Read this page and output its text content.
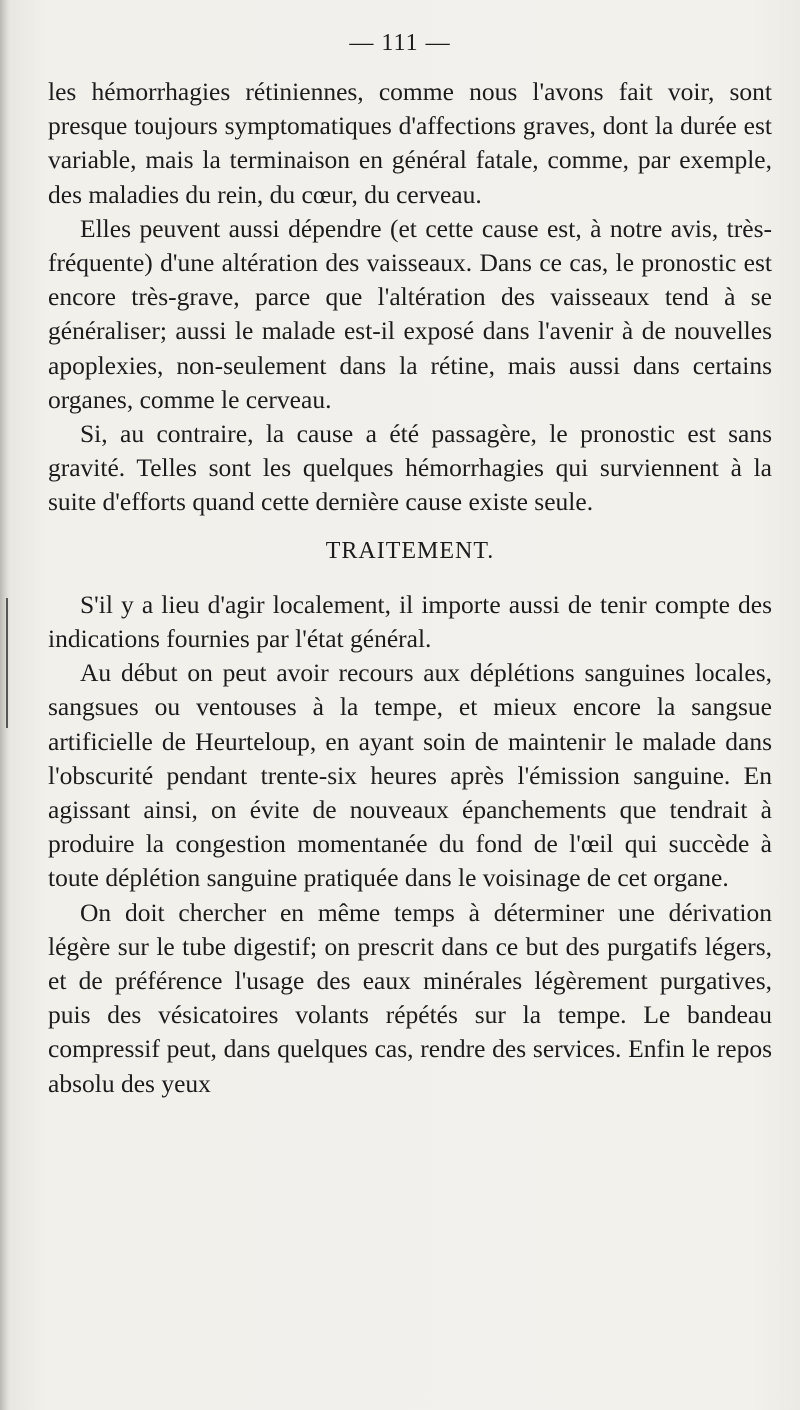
— 111 —

les hémorrhagies rétiniennes, comme nous l'avons fait voir, sont presque toujours symptomatiques d'affections graves, dont la durée est variable, mais la terminaison en général fatale, comme, par exemple, des maladies du rein, du cœur, du cerveau.

Elles peuvent aussi dépendre (et cette cause est, à notre avis, très-fréquente) d'une altération des vaisseaux. Dans ce cas, le pronostic est encore très-grave, parce que l'altération des vaisseaux tend à se généraliser; aussi le malade est-il exposé dans l'avenir à de nouvelles apoplexies, non-seulement dans la rétine, mais aussi dans certains organes, comme le cerveau.

Si, au contraire, la cause a été passagère, le pronostic est sans gravité. Telles sont les quelques hémorrhagies qui surviennent à la suite d'efforts quand cette dernière cause existe seule.

TRAITEMENT.

S'il y a lieu d'agir localement, il importe aussi de tenir compte des indications fournies par l'état général.

Au début on peut avoir recours aux déplétions sanguines locales, sangsues ou ventouses à la tempe, et mieux encore la sangsue artificielle de Heurteloup, en ayant soin de maintenir le malade dans l'obscurité pendant trente-six heures après l'émission sanguine. En agissant ainsi, on évite de nouveaux épanchements que tendrait à produire la congestion momentanée du fond de l'œil qui succède à toute déplétion sanguine pratiquée dans le voisinage de cet organe.

On doit chercher en même temps à déterminer une dérivation légère sur le tube digestif; on prescrit dans ce but des purgatifs légers, et de préférence l'usage des eaux minérales légèrement purgatives, puis des vésicatoires volants répétés sur la tempe. Le bandeau compressif peut, dans quelques cas, rendre des services. Enfin le repos absolu des yeux
